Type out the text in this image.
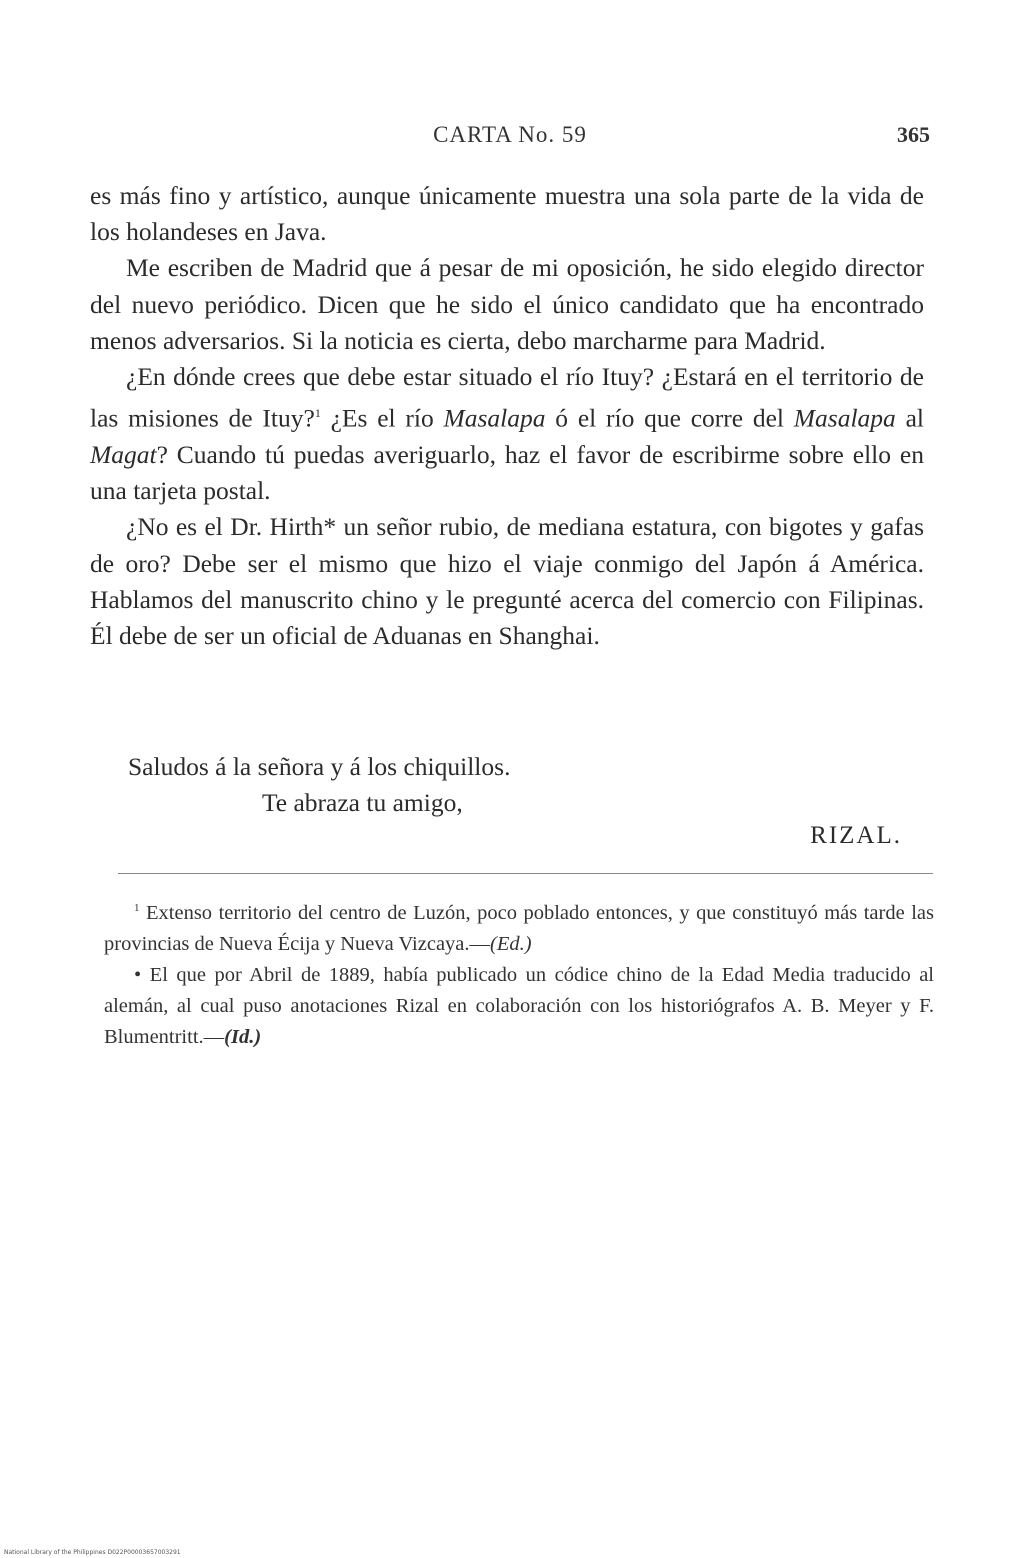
CARTA No. 59	365

es más fino y artístico, aunque únicamente muestra una sola parte de la vida de los holandeses en Java.

Me escriben de Madrid que á pesar de mi oposición, he sido elegido director del nuevo periódico. Dicen que he sido el único candidato que ha encontrado menos adversarios. Si la noticia es cierta, debo marcharme para Madrid.

¿En dónde crees que debe estar situado el río Ituy? ¿Estará en el territorio de las misiones de Ituy?$^1$ ¿Es el río Masalapa ó el río que corre del Masalapa al Magat? Cuando tú puedas averiguarlo, haz el favor de escribirme sobre ello en una tarjeta postal.

¿No es el Dr. Hirth* un señor rubio, de mediana estatura, con bigotes y gafas de oro? Debe ser el mismo que hizo el viaje conmigo del Japón á América. Hablamos del manuscrito chino y le pregunté acerca del comercio con Filipinas. Él debe de ser un oficial de Aduanas en Shanghai.

Saludos á la señora y á los chiquillos.
Te abraza tu amigo,
RIZAL.

$^1$ Extenso territorio del centro de Luzón, poco poblado entonces, y que constituyó más tarde las provincias de Nueva Écija y Nueva Vizcaya.—(Ed.)

• El que por Abril de 1889, había publicado un códice chino de la Edad Media traducido al alemán, al cual puso anotaciones Rizal en colaboración con los historiógrafos A. B. Meyer y F. Blumentritt.—(Id.)

National Library of the Philippines D022P00003657003291
